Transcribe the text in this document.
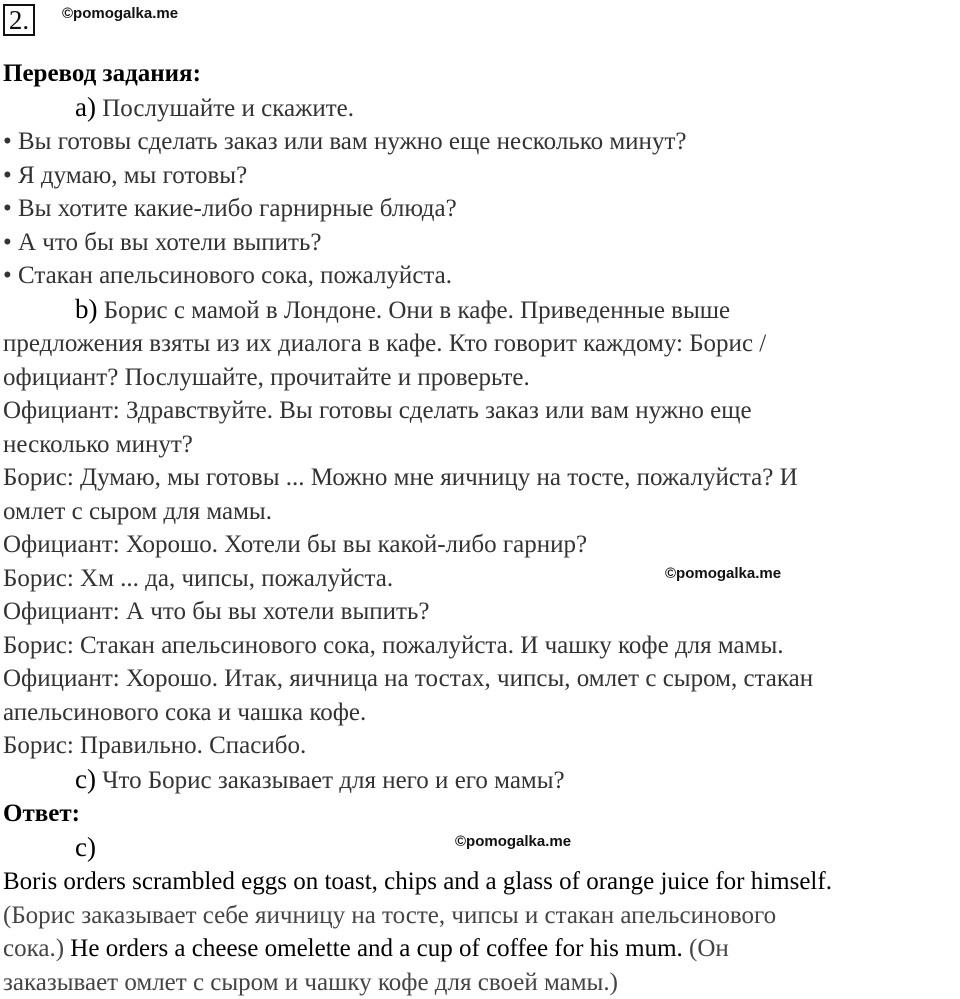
2.	©pomogalka.me
©pomogalka.me
©pomogalka.me
Перевод задания:
a) Послушайте и скажите.
• Вы готовы сделать заказ или вам нужно еще несколько минут?
• Я думаю, мы готовы?
• Вы хотите какие-либо гарнирные блюда?
• А что бы вы хотели выпить?
• Стакан апельсинового сока, пожалуйста.
b) Борис с мамой в Лондоне. Они в кафе. Приведенные выше
предложения взяты из их диалога в кафе. Кто говорит каждому: Борис /
официант? Послушайте, прочитайте и проверьте.
Официант: Здравствуйте. Вы готовы сделать заказ или вам нужно еще
несколько минут?
Борис: Думаю, мы готовы ... Можно мне яичницу на тосте, пожалуйста? И
омлет с сыром для мамы.
Официант: Хорошо. Хотели бы вы какой-либо гарнир?
Борис: Хм ... да, чипсы, пожалуйста.
Официант: А что бы вы хотели выпить?
Борис: Стакан апельсинового сока, пожалуйста. И чашку кофе для мамы.
Официант: Хорошо. Итак, яичница на тостах, чипсы, омлет с сыром, стакан
апельсинового сока и чашка кофе.
Борис: Правильно. Спасибо.
c) Что Борис заказывает для него и его мамы?
Ответ:
c)
Boris orders scrambled eggs on toast, chips and a glass of orange juice for himself.
(Борис заказывает себе яичницу на тосте, чипсы и стакан апельсинового
сока.) He orders a cheese omelette and a cup of coffee for his mum. (Он
заказывает омлет с сыром и чашку кофе для своей мамы.)
